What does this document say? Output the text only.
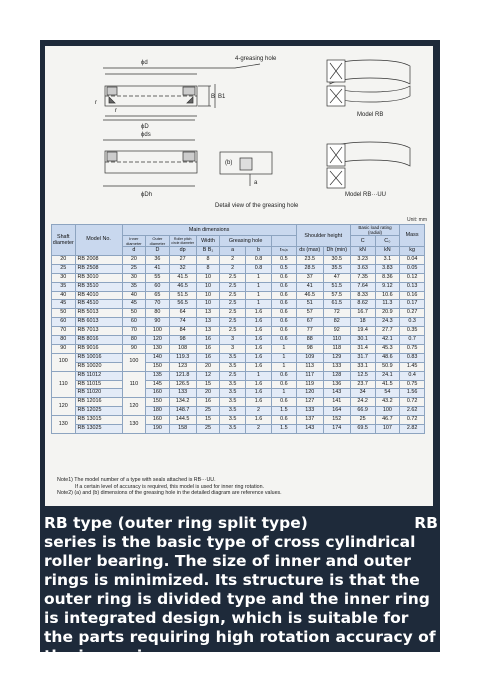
ϕd
4-greasing hole
B B1
r
r
ϕD
Model RB
ϕds
ϕDh
(b)
a
Model RB···UU
Detail view of the greasing hole
Unit: mm
Shaft diameter	Model No.	Main dimensions							Shoulder height		Basic load rating (radial)		Mass
		Inner diameter	Outer diameter	Roller pitch circle diameter	Width	Greasing hole					C	C₀	
		d	D	dp	B B₁	a	b	rₘᵢₙ	ds (max)	Dh (min)	kN	kN	kg
20	RB 2008	20	36	27	8	2	0.8	0.5	23.5	30.5	3.23	3.1	0.04
25	RB 2508	25	41	32	8	2	0.8	0.5	28.5	35.5	3.63	3.83	0.05
30	RB 3010	30	55	41.5	10	2.5	1	0.6	37	47	7.35	8.36	0.12
35	RB 3510	35	60	46.5	10	2.5	1	0.6	41	51.5	7.64	9.12	0.13
40	RB 4010	40	65	51.5	10	2.5	1	0.6	46.5	57.5	8.33	10.6	0.16
45	RB 4510	45	70	56.5	10	2.5	1	0.6	51	61.5	8.62	11.3	0.17
50	RB 5013	50	80	64	13	2.5	1.6	0.6	57	72	16.7	20.9	0.27
60	RB 6013	60	90	74	13	2.5	1.6	0.6	67	82	18	24.3	0.3
70	RB 7013	70	100	84	13	2.5	1.6	0.6	77	92	19.4	27.7	0.35
80	RB 8016	80	120	98	16	3	1.6	0.6	88	110	30.1	42.1	0.7
90	RB 9016	90	130	108	16	3	1.6	1	98	118	31.4	45.3	0.75
100	RB 10016	100	140	119.3	16	3.5	1.6	1	109	129	31.7	48.6	0.83
	RB 10020		150	123	20	3.5	1.6	1	113	133	33.1	50.9	1.45
110	RB 11012	110	135	121.8	12	2.5	1	0.6	117	128	12.5	24.1	0.4
	RB 11015		145	126.5	15	3.5	1.6	0.6	119	136	23.7	41.5	0.75
	RB 11020		160	133	20	3.5	1.6	1	120	143	34	54	1.56
120	RB 12016	120	150	134.2	16	3.5	1.6	0.6	127	141	24.2	43.2	0.72
	RB 12025		180	148.7	25	3.5	2	1.5	133	164	66.9	100	2.62
130	RB 13015	130	160	144.5	15	3.5	1.6	0.6	137	152	25	46.7	0.72
	RB 13025		190	158	25	3.5	2	1.5	143	174	69.5	107	2.82
Note1) The model number of a type with seals attached is RB···UU.
If a certain level of accuracy is required, this model is used for inner ring rotation.
Note2) (a) and (b) dimensions of the greasing hole in the detailed diagram are reference values.
RB type (outer ring split type)	RB
series is the basic type of cross cylindrical roller bearing. The size of inner and outer rings is minimized. Its structure is that the outer ring is divided type and the inner ring is integrated design, which is suitable for the parts requiring high rotation accuracy of the inner ring.
